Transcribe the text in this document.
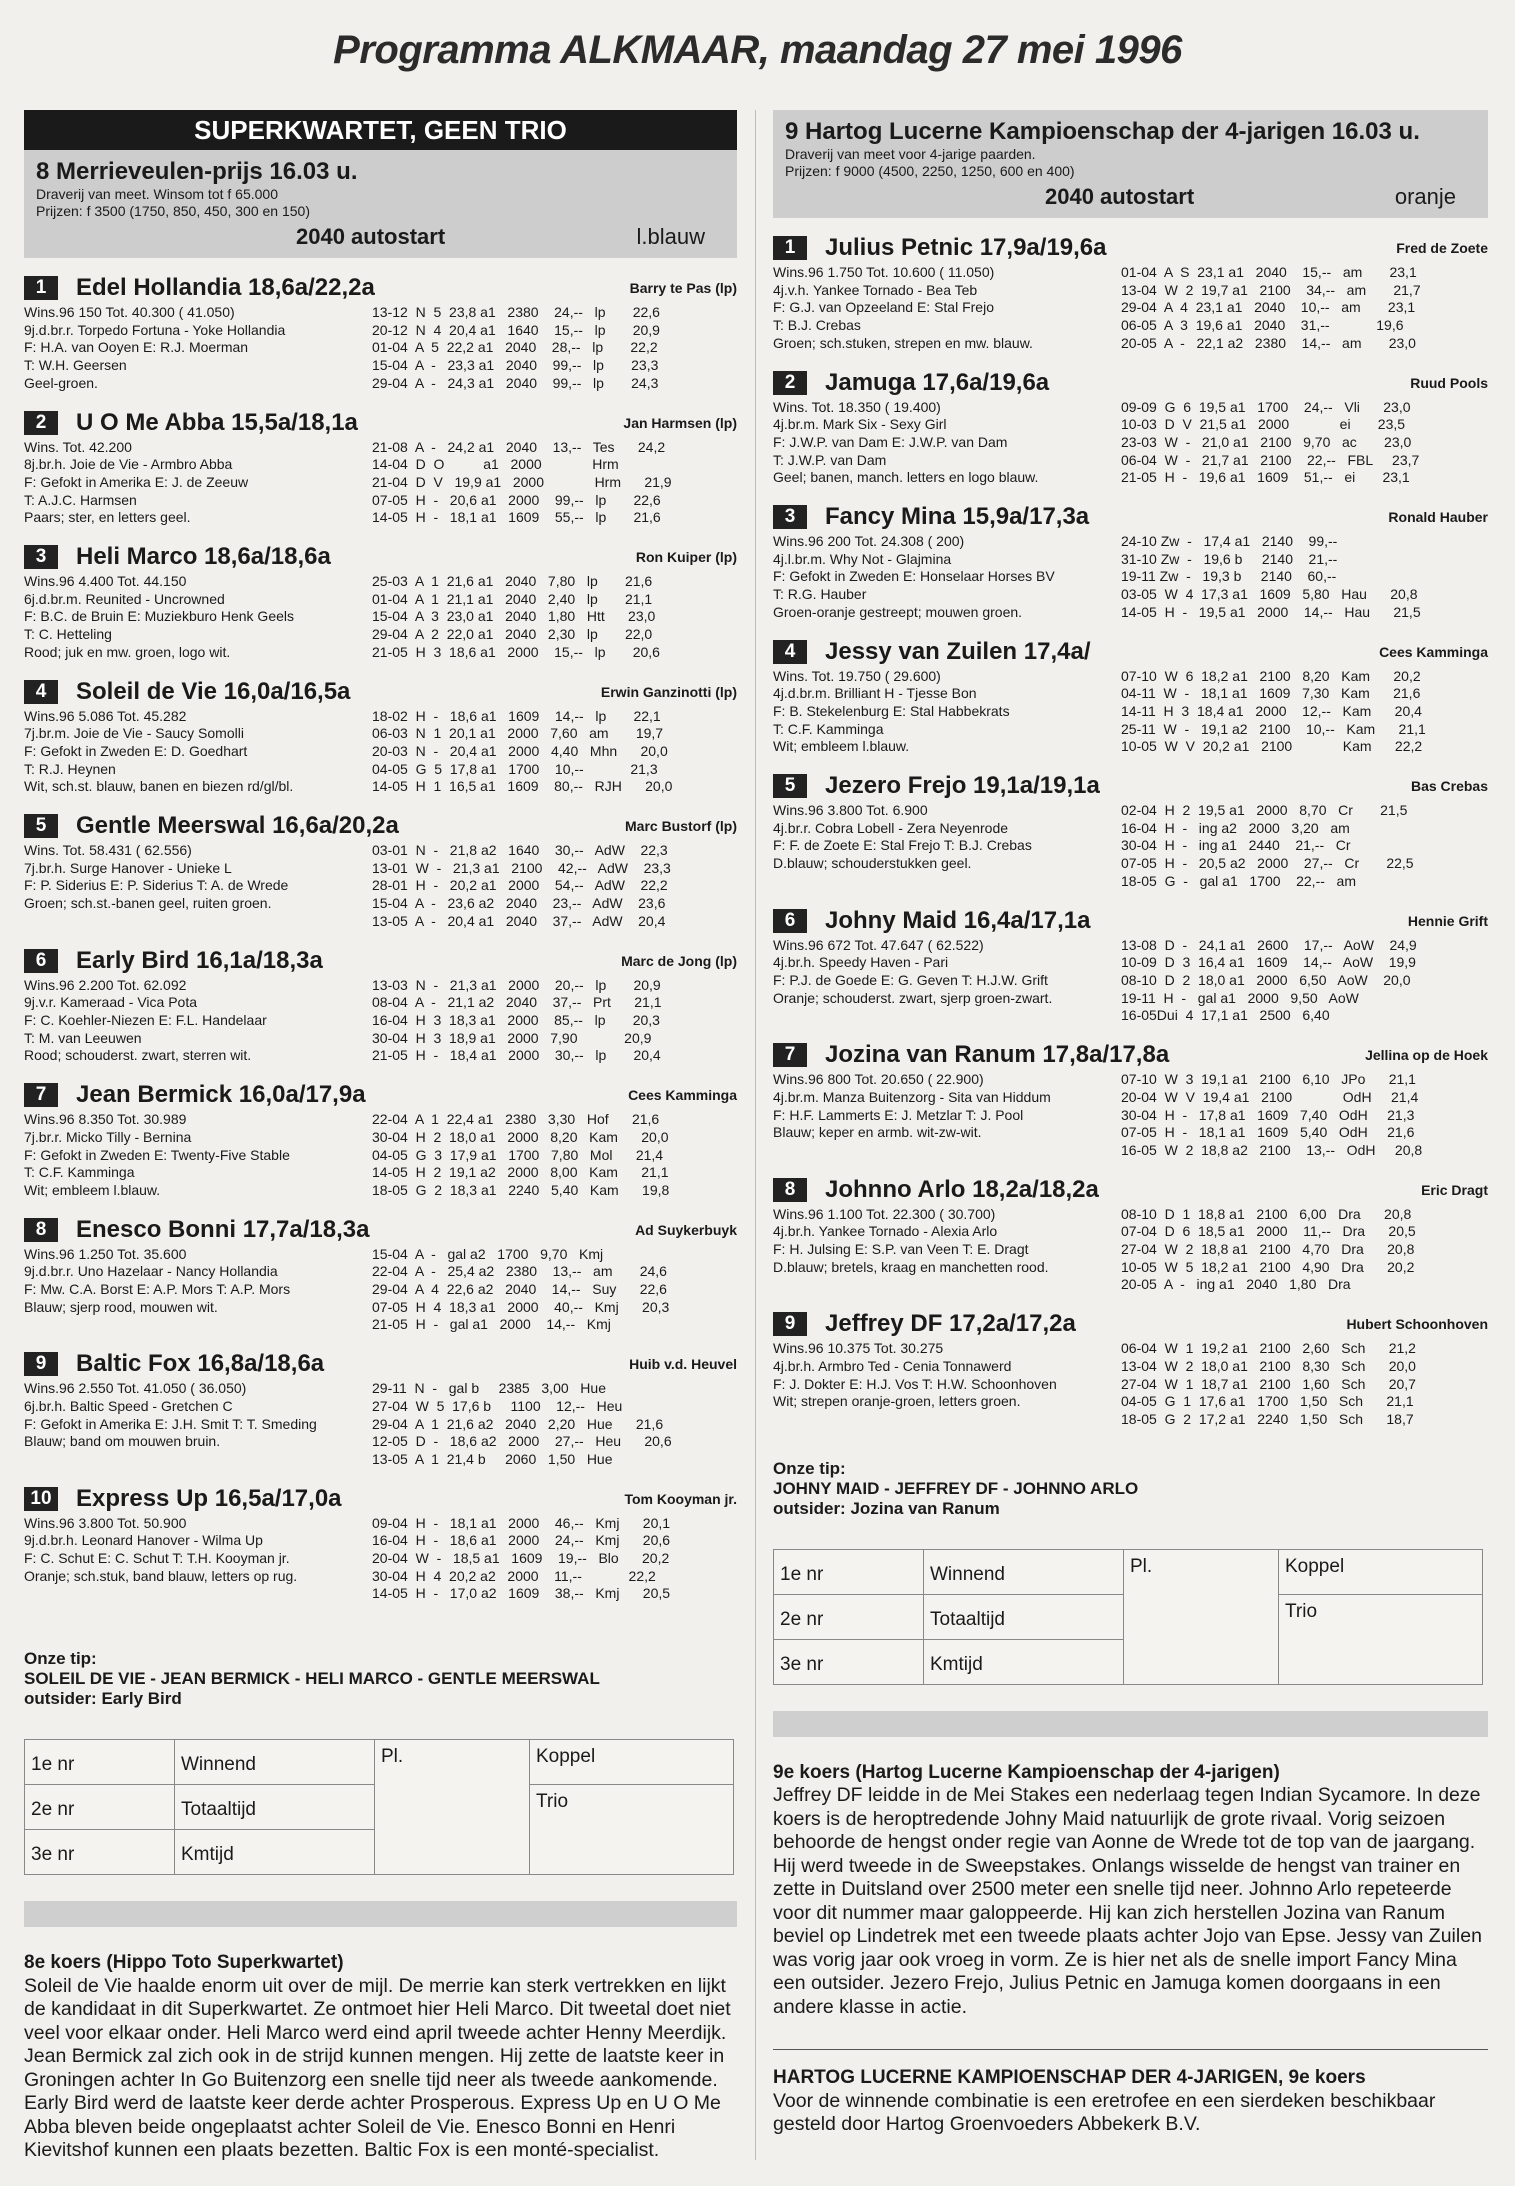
Programma ALKMAAR, maandag 27 mei 1996
SUPERKWARTET, GEEN TRIO
8 Merrieveulen-prijs 16.03 u.
Draverij van meet. Winsom tot f 65.000
Prijzen: f 3500 (1750, 850, 450, 300 en 150)
2040 autostart	l.blauw
1	Edel Hollandia 18,6a/22,2a	Barry te Pas (lp)
Wins.96 150 Tot. 40.300 ( 41.050)
9j.d.br.r. Torpedo Fortuna - Yoke Hollandia
F: H.A. van Ooyen E: R.J. Moerman
T: W.H. Geersen
Geel-groen.
13-12  N  5  23,8 a1   2380    24,--   lp       22,6
20-12  N  4  20,4 a1   1640    15,--   lp       20,9
01-04  A  5  22,2 a1   2040    28,--   lp       22,2
15-04  A  -   23,3 a1   2040    99,--   lp       23,3
29-04  A  -   24,3 a1   2040    99,--   lp       24,3
2	U O Me Abba 15,5a/18,1a	Jan Harmsen (lp)
Wins. Tot. 42.200
8j.br.h. Joie de Vie - Armbro Abba
F: Gefokt in Amerika E: J. de Zeeuw
T: A.J.C. Harmsen
Paars; ster, en letters geel.
21-08  A  -   24,2 a1   2040    13,--   Tes      24,2
14-04  D  O          a1   2000             Hrm
21-04  D  V   19,9 a1   2000             Hrm      21,9
07-05  H  -   20,6 a1   2000    99,--   lp       22,6
14-05  H  -   18,1 a1   1609    55,--   lp       21,6
3	Heli Marco 18,6a/18,6a	Ron Kuiper (lp)
Wins.96 4.400 Tot. 44.150
6j.d.br.m. Reunited - Uncrowned
F: B.C. de Bruin E: Muziekburo Henk Geels
T: C. Hetteling
Rood; juk en mw. groen, logo wit.
25-03  A  1  21,6 a1   2040   7,80   lp       21,6
01-04  A  1  21,1 a1   2040   2,40   lp       21,1
15-04  A  3  23,0 a1   2040   1,80   Htt      23,0
29-04  A  2  22,0 a1   2040   2,30   lp       22,0
21-05  H  3  18,6 a1   2000    15,--   lp       20,6
4	Soleil de Vie 16,0a/16,5a	Erwin Ganzinotti (lp)
Wins.96 5.086 Tot. 45.282
7j.br.m. Joie de Vie - Saucy Somolli
F: Gefokt in Zweden E: D. Goedhart
T: R.J. Heynen
Wit, sch.st. blauw, banen en biezen rd/gl/bl.
18-02  H  -   18,6 a1   1609    14,--   lp       22,1
06-03  N  1  20,1 a1   2000   7,60   am       19,7
20-03  N  -   20,4 a1   2000   4,40   Mhn      20,0
04-05  G  5  17,8 a1   1700    10,--            21,3
14-05  H  1  16,5 a1   1609    80,--   RJH      20,0
5	Gentle Meerswal 16,6a/20,2a	Marc Bustorf (lp)
Wins. Tot. 58.431 ( 62.556)
7j.br.h. Surge Hanover - Unieke L
F: P. Siderius E: P. Siderius T: A. de Wrede
Groen; sch.st.-banen geel, ruiten groen.
03-01  N  -   21,8 a2   1640    30,--   AdW    22,3
13-01  W  -   21,3 a1   2100    42,--   AdW    23,3
28-01  H  -   20,2 a1   2000    54,--   AdW    22,2
15-04  A  -   23,6 a2   2040    23,--   AdW    23,6
13-05  A  -   20,4 a1   2040    37,--   AdW    20,4
6	Early Bird 16,1a/18,3a	Marc de Jong (lp)
Wins.96 2.200 Tot. 62.092
9j.v.r. Kameraad - Vica Pota
F: C. Koehler-Niezen E: F.L. Handelaar
T: M. van Leeuwen
Rood; schouderst. zwart, sterren wit.
13-03  N  -   21,3 a1   2000    20,--   lp       20,9
08-04  A  -   21,1 a2   2040    37,--   Prt      21,1
16-04  H  3  18,3 a1   2000    85,--   lp       20,3
30-04  H  3  18,9 a1   2000   7,90            20,9
21-05  H  -   18,4 a1   2000    30,--   lp       20,4
7	Jean Bermick 16,0a/17,9a	Cees Kamminga
Wins.96 8.350 Tot. 30.989
7j.br.r. Micko Tilly - Bernina
F: Gefokt in Zweden E: Twenty-Five Stable
T: C.F. Kamminga
Wit; embleem l.blauw.
22-04  A  1  22,4 a1   2380   3,30   Hof      21,6
30-04  H  2  18,0 a1   2000   8,20   Kam      20,0
04-05  G  3  17,9 a1   1700   7,80   Mol      21,4
14-05  H  2  19,1 a2   2000   8,00   Kam      21,1
18-05  G  2  18,3 a1   2240   5,40   Kam      19,8
8	Enesco Bonni 17,7a/18,3a	Ad Suykerbuyk
Wins.96 1.250 Tot. 35.600
9j.d.br.r. Uno Hazelaar - Nancy Hollandia
F: Mw. C.A. Borst E: A.P. Mors T: A.P. Mors
Blauw; sjerp rood, mouwen wit.
15-04  A  -   gal a2   1700   9,70   Kmj
22-04  A  -   25,4 a2   2380    13,--   am       24,6
29-04  A  4  22,6 a2   2040    14,--   Suy      22,6
07-05  H  4  18,3 a1   2000    40,--   Kmj      20,3
21-05  H  -   gal a1   2000    14,--   Kmj
9	Baltic Fox 16,8a/18,6a	Huib v.d. Heuvel
Wins.96 2.550 Tot. 41.050 ( 36.050)
6j.br.h. Baltic Speed - Gretchen C
F: Gefokt in Amerika E: J.H. Smit T: T. Smeding
Blauw; band om mouwen bruin.
29-11  N  -   gal b     2385   3,00   Hue
27-04  W  5  17,6 b     1100    12,--   Heu
29-04  A  1  21,6 a2   2040   2,20   Hue      21,6
12-05  D  -   18,6 a2   2000    27,--   Heu      20,6
13-05  A  1  21,4 b     2060   1,50   Hue
10 Express Up 16,5a/17,0a	Tom Kooyman jr.
Wins.96 3.800 Tot. 50.900
9j.d.br.h. Leonard Hanover - Wilma Up
F: C. Schut E: C. Schut T: T.H. Kooyman jr.
Oranje; sch.stuk, band blauw, letters op rug.
09-04  H  -   18,1 a1   2000    46,--   Kmj      20,1
16-04  H  -   18,6 a1   2000    24,--   Kmj      20,6
20-04  W  -   18,5 a1   1609    19,--   Blo      20,2
30-04  H  4  20,2 a2   2000    11,--            22,2
14-05  H  -   17,0 a2   1609    38,--   Kmj      20,5
Onze tip:
SOLEIL DE VIE - JEAN BERMICK - HELI MARCO - GENTLE MEERSWAL
outsider: Early Bird
1e nr	Winnend	Pl.	Koppel
2e nr	Totaaltijd		Trio
3e nr	Kmtijd		
8e koers (Hippo Toto Superkwartet)

Soleil de Vie haalde enorm uit over de mijl. De merrie kan sterk vertrekken en lijkt de kandidaat in dit Superkwartet. Ze ontmoet hier Heli Marco. Dit tweetal doet niet veel voor elkaar onder. Heli Marco werd eind april tweede achter Henny Meerdijk. Jean Bermick zal zich ook in de strijd kunnen mengen. Hij zette de laatste keer in Groningen achter In Go Buitenzorg een snelle tijd neer als tweede aankomende. Early Bird werd de laatste keer derde achter Prosperous. Express Up en U O Me Abba bleven beide ongeplaatst achter Soleil de Vie. Enesco Bonni en Henri Kievitshof kunnen een plaats bezetten. Baltic Fox is een monté-specialist.

9 Hartog Lucerne Kampioenschap der 4-jarigen 16.03 u.
Draverij van meet voor 4-jarige paarden.
Prijzen: f 9000 (4500, 2250, 1250, 600 en 400)
2040 autostart	oranje
1	Julius Petnic 17,9a/19,6a	Fred de Zoete
Wins.96 1.750 Tot. 10.600 ( 11.050)
4j.v.h. Yankee Tornado - Bea Teb
F: G.J. van Opzeeland E: Stal Frejo
T: B.J. Crebas
Groen; sch.stuken, strepen en mw. blauw.
01-04  A  S  23,1 a1   2040    15,--   am       23,1
13-04  W  2  19,7 a1   2100    34,--   am       21,7
29-04  A  4  23,1 a1   2040    10,--   am       23,1
06-05  A  3  19,6 a1   2040    31,--            19,6
20-05  A  -   22,1 a2   2380    14,--   am       23,0
2	Jamuga 17,6a/19,6a	Ruud Pools
Wins. Tot. 18.350 ( 19.400)
4j.br.m. Mark Six - Sexy Girl
F: J.W.P. van Dam E: J.W.P. van Dam
T: J.W.P. van Dam
Geel; banen, manch. letters en logo blauw.
09-09  G  6  19,5 a1   1700    24,--   Vli      23,0
10-03  D  V  21,5 a1   2000             ei       23,5
23-03  W  -   21,0 a1   2100   9,70   ac       23,0
06-04  W  -   21,7 a1   2100    22,--   FBL     23,7
21-05  H  -   19,6 a1   1609    51,--   ei       23,1
3	Fancy Mina 15,9a/17,3a	Ronald Hauber
Wins.96 200 Tot. 24.308 ( 200)
4j.l.br.m. Why Not - Glajmina
F: Gefokt in Zweden E: Honselaar Horses BV
T: R.G. Hauber
Groen-oranje gestreept; mouwen groen.
24-10 Zw  -   17,4 a1   2140    99,--
31-10 Zw  -   19,6 b     2140    21,--
19-11 Zw  -   19,3 b     2140    60,--
03-05  W  4  17,3 a1   1609   5,80   Hau      20,8
14-05  H  -   19,5 a1   2000    14,--   Hau      21,5
4	Jessy van Zuilen 17,4a/	Cees Kamminga
Wins. Tot. 19.750 ( 29.600)
4j.d.br.m. Brilliant H - Tjesse Bon
F: B. Stekelenburg E: Stal Habbekrats
T: C.F. Kamminga
Wit; embleem l.blauw.
07-10  W  6  18,2 a1   2100   8,20   Kam      20,2
04-11  W  -   18,1 a1   1609   7,30   Kam      21,6
14-11  H  3  18,4 a1   2000    12,--   Kam      20,4
25-11  W  -   19,1 a2   2100    10,--   Kam      21,1
10-05  W  V  20,2 a1   2100             Kam      22,2
5	Jezero Frejo 19,1a/19,1a	Bas Crebas
Wins.96 3.800 Tot. 6.900
4j.br.r. Cobra Lobell - Zera Neyenrode
F: F. de Zoete E: Stal Frejo T: B.J. Crebas
D.blauw; schouderstukken geel.
02-04  H  2  19,5 a1   2000   8,70   Cr       21,5
16-04  H  -   ing a2   2000   3,20   am
30-04  H  -   ing a1   2440    21,--   Cr
07-05  H  -   20,5 a2   2000    27,--   Cr       22,5
18-05  G  -   gal a1   1700    22,--   am
6	Johny Maid 16,4a/17,1a	Hennie Grift
Wins.96 672 Tot. 47.647 ( 62.522)
4j.br.h. Speedy Haven - Pari
F: P.J. de Goede E: G. Geven T: H.J.W. Grift
Oranje; schouderst. zwart, sjerp groen-zwart.
13-08  D  -   24,1 a1   2600    17,--   AoW    24,9
10-09  D  3  16,4 a1   1609    14,--   AoW    19,9
08-10  D  2  18,0 a1   2000   6,50   AoW    20,0
19-11  H  -   gal a1   2000   9,50   AoW
16-05Dui  4  17,1 a1   2500   6,40
7	Jozina van Ranum 17,8a/17,8a	Jellina op de Hoek
Wins.96 800 Tot. 20.650 ( 22.900)
4j.br.m. Manza Buitenzorg - Sita van Hiddum
F: H.F. Lammerts E: J. Metzlar T: J. Pool
Blauw; keper en armb. wit-zw-wit.
07-10  W  3  19,1 a1   2100   6,10   JPo      21,1
20-04  W  V  19,4 a1   2100             OdH     21,4
30-04  H  -   17,8 a1   1609   7,40   OdH     21,3
07-05  H  -   18,1 a1   1609   5,40   OdH     21,6
16-05  W  2  18,8 a2   2100    13,--   OdH     20,8
8	Johnno Arlo 18,2a/18,2a	Eric Dragt
Wins.96 1.100 Tot. 22.300 ( 30.700)
4j.br.h. Yankee Tornado - Alexia Arlo
F: H. Julsing E: S.P. van Veen T: E. Dragt
D.blauw; bretels, kraag en manchetten rood.
08-10  D  1  18,8 a1   2100   6,00   Dra      20,8
07-04  D  6  18,5 a1   2000    11,--   Dra      20,5
27-04  W  2  18,8 a1   2100   4,70   Dra      20,8
10-05  W  5  18,2 a1   2100   4,90   Dra      20,2
20-05  A  -   ing a1   2040   1,80   Dra
9	Jeffrey DF 17,2a/17,2a	Hubert Schoonhoven
Wins.96 10.375 Tot. 30.275
4j.br.h. Armbro Ted - Cenia Tonnawerd
F: J. Dokter E: H.J. Vos T: H.W. Schoonhoven
Wit; strepen oranje-groen, letters groen.
06-04  W  1  19,2 a1   2100   2,60   Sch      21,2
13-04  W  2  18,0 a1   2100   8,30   Sch      20,0
27-04  W  1  18,7 a1   2100   1,60   Sch      20,7
04-05  G  1  17,6 a1   1700   1,50   Sch      21,1
18-05  G  2  17,2 a1   2240   1,50   Sch      18,7
Onze tip:
JOHNY MAID - JEFFREY DF - JOHNNO ARLO
outsider: Jozina van Ranum
1e nr	Winnend	Pl.	Koppel
2e nr	Totaaltijd		Trio
3e nr	Kmtijd		
9e koers (Hartog Lucerne Kampioenschap der 4-jarigen)

Jeffrey DF leidde in de Mei Stakes een nederlaag tegen Indian Sycamore. In deze koers is de heroptredende Johny Maid natuurlijk de grote rivaal. Vorig seizoen behoorde de hengst onder regie van Aonne de Wrede tot de top van de jaargang. Hij werd tweede in de Sweepstakes. Onlangs wisselde de hengst van trainer en zette in Duitsland over 2500 meter een snelle tijd neer. Johnno Arlo repeteerde voor dit nummer maar galoppeerde. Hij kan zich herstellen Jozina van Ranum beviel op Lindetrek met een tweede plaats achter Jojo van Epse. Jessy van Zuilen was vorig jaar ook vroeg in vorm. Ze is hier net als de snelle import Fancy Mina een outsider. Jezero Frejo, Julius Petnic en Jamuga komen doorgaans in een andere klasse in actie.

HARTOG LUCERNE KAMPIOENSCHAP DER 4-JARIGEN, 9e koers

Voor de winnende combinatie is een eretrofee en een sierdeken beschikbaar gesteld door Hartog Groenvoeders Abbekerk B.V.
